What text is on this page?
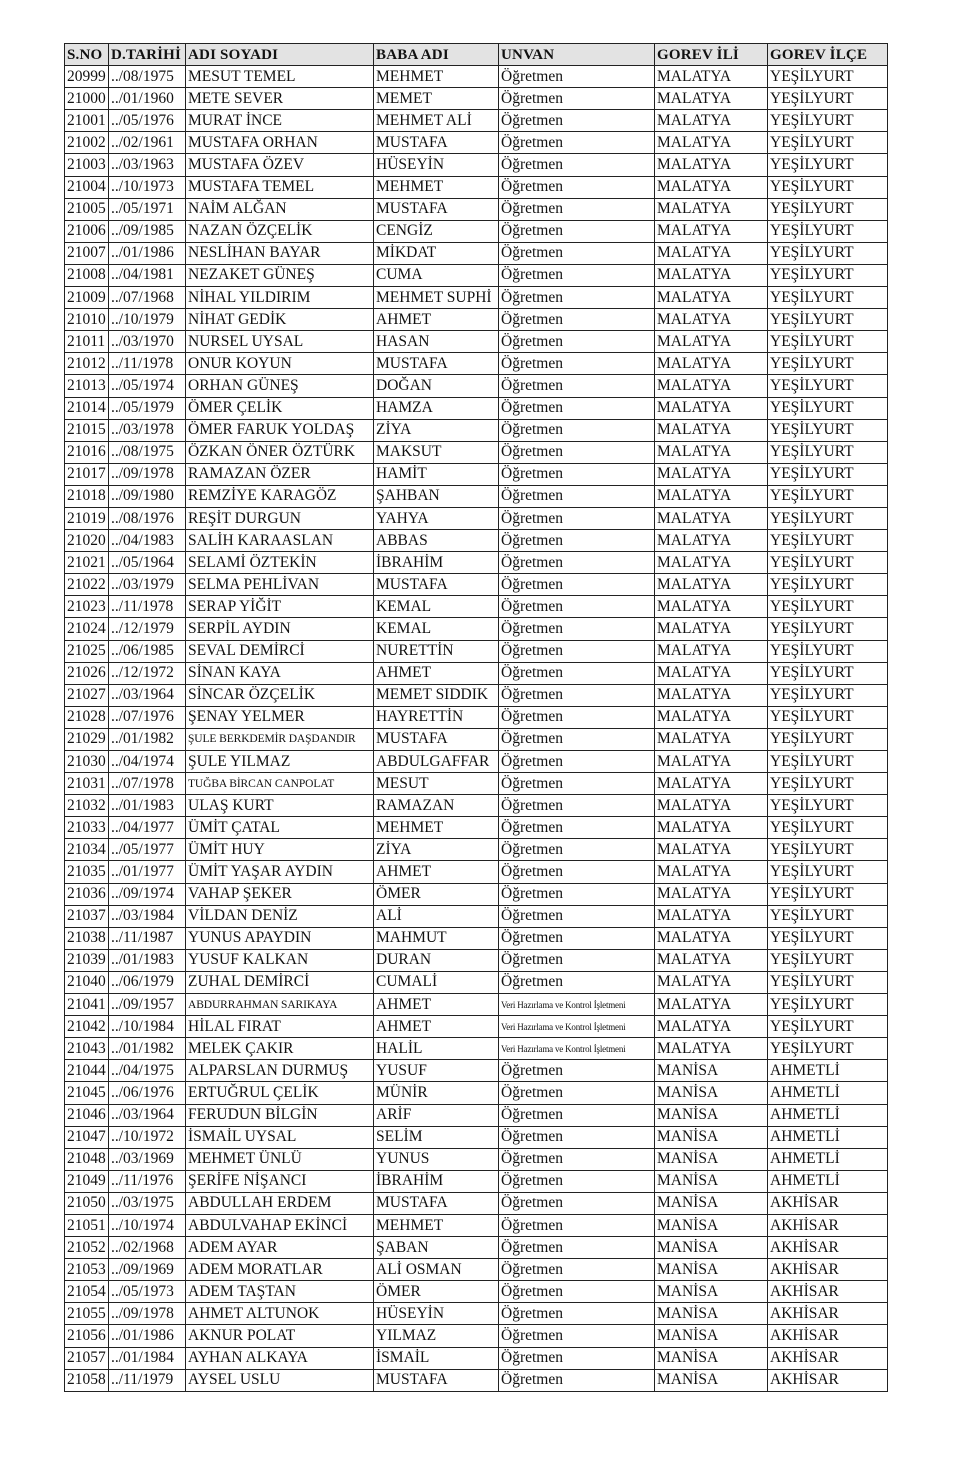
S.NO	D.TARİHİ	ADI SOYADI	BABA ADI	UNVAN	GOREV İLİ	GOREV İLÇE
20999	../08/1975	MESUT TEMEL	MEHMET	Öğretmen	MALATYA	YEŞİLYURT
21000	../01/1960	METE SEVER	MEMET	Öğretmen	MALATYA	YEŞİLYURT
21001	../05/1976	MURAT İNCE	MEHMET ALİ	Öğretmen	MALATYA	YEŞİLYURT
21002	../02/1961	MUSTAFA ORHAN	MUSTAFA	Öğretmen	MALATYA	YEŞİLYURT
21003	../03/1963	MUSTAFA ÖZEV	HÜSEYİN	Öğretmen	MALATYA	YEŞİLYURT
21004	../10/1973	MUSTAFA TEMEL	MEHMET	Öğretmen	MALATYA	YEŞİLYURT
21005	../05/1971	NAİM ALĞAN	MUSTAFA	Öğretmen	MALATYA	YEŞİLYURT
21006	../09/1985	NAZAN ÖZÇELİK	CENGİZ	Öğretmen	MALATYA	YEŞİLYURT
21007	../01/1986	NESLİHAN BAYAR	MİKDAT	Öğretmen	MALATYA	YEŞİLYURT
21008	../04/1981	NEZAKET GÜNEŞ	CUMA	Öğretmen	MALATYA	YEŞİLYURT
21009	../07/1968	NİHAL YILDIRIM	MEHMET SUPHİ	Öğretmen	MALATYA	YEŞİLYURT
21010	../10/1979	NİHAT GEDİK	AHMET	Öğretmen	MALATYA	YEŞİLYURT
21011	../03/1970	NURSEL UYSAL	HASAN	Öğretmen	MALATYA	YEŞİLYURT
21012	../11/1978	ONUR KOYUN	MUSTAFA	Öğretmen	MALATYA	YEŞİLYURT
21013	../05/1974	ORHAN GÜNEŞ	DOĞAN	Öğretmen	MALATYA	YEŞİLYURT
21014	../05/1979	ÖMER ÇELİK	HAMZA	Öğretmen	MALATYA	YEŞİLYURT
21015	../03/1978	ÖMER FARUK YOLDAŞ	ZİYA	Öğretmen	MALATYA	YEŞİLYURT
21016	../08/1975	ÖZKAN ÖNER ÖZTÜRK	MAKSUT	Öğretmen	MALATYA	YEŞİLYURT
21017	../09/1978	RAMAZAN ÖZER	HAMİT	Öğretmen	MALATYA	YEŞİLYURT
21018	../09/1980	REMZİYE KARAGÖZ	ŞAHBAN	Öğretmen	MALATYA	YEŞİLYURT
21019	../08/1976	REŞİT DURGUN	YAHYA	Öğretmen	MALATYA	YEŞİLYURT
21020	../04/1983	SALİH KARAASLAN	ABBAS	Öğretmen	MALATYA	YEŞİLYURT
21021	../05/1964	SELAMİ ÖZTEKİN	İBRAHİM	Öğretmen	MALATYA	YEŞİLYURT
21022	../03/1979	SELMA PEHLİVAN	MUSTAFA	Öğretmen	MALATYA	YEŞİLYURT
21023	../11/1978	SERAP YİĞİT	KEMAL	Öğretmen	MALATYA	YEŞİLYURT
21024	../12/1979	SERPİL AYDIN	KEMAL	Öğretmen	MALATYA	YEŞİLYURT
21025	../06/1985	SEVAL DEMİRCİ	NURETTİN	Öğretmen	MALATYA	YEŞİLYURT
21026	../12/1972	SİNAN KAYA	AHMET	Öğretmen	MALATYA	YEŞİLYURT
21027	../03/1964	SİNCAR ÖZÇELİK	MEMET SIDDIK	Öğretmen	MALATYA	YEŞİLYURT
21028	../07/1976	ŞENAY YELMER	HAYRETTİN	Öğretmen	MALATYA	YEŞİLYURT
21029	../01/1982	ŞULE BERKDEMİR DAŞDANDIR	MUSTAFA	Öğretmen	MALATYA	YEŞİLYURT
21030	../04/1974	ŞULE YILMAZ	ABDULGAFFAR	Öğretmen	MALATYA	YEŞİLYURT
21031	../07/1978	TUĞBA BİRCAN CANPOLAT	MESUT	Öğretmen	MALATYA	YEŞİLYURT
21032	../01/1983	ULAŞ KURT	RAMAZAN	Öğretmen	MALATYA	YEŞİLYURT
21033	../04/1977	ÜMİT ÇATAL	MEHMET	Öğretmen	MALATYA	YEŞİLYURT
21034	../05/1977	ÜMİT HUY	ZİYA	Öğretmen	MALATYA	YEŞİLYURT
21035	../01/1977	ÜMİT YAŞAR AYDIN	AHMET	Öğretmen	MALATYA	YEŞİLYURT
21036	../09/1974	VAHAP ŞEKER	ÖMER	Öğretmen	MALATYA	YEŞİLYURT
21037	../03/1984	VİLDAN DENİZ	ALİ	Öğretmen	MALATYA	YEŞİLYURT
21038	../11/1987	YUNUS APAYDIN	MAHMUT	Öğretmen	MALATYA	YEŞİLYURT
21039	../01/1983	YUSUF KALKAN	DURAN	Öğretmen	MALATYA	YEŞİLYURT
21040	../06/1979	ZUHAL DEMİRCİ	CUMALİ	Öğretmen	MALATYA	YEŞİLYURT
21041	../09/1957	ABDURRAHMAN SARIKAYA	AHMET	Veri Hazırlama ve Kontrol İşletmeni	MALATYA	YEŞİLYURT
21042	../10/1984	HİLAL FIRAT	AHMET	Veri Hazırlama ve Kontrol İşletmeni	MALATYA	YEŞİLYURT
21043	../01/1982	MELEK ÇAKIR	HALİL	Veri Hazırlama ve Kontrol İşletmeni	MALATYA	YEŞİLYURT
21044	../04/1975	ALPARSLAN DURMUŞ	YUSUF	Öğretmen	MANİSA	AHMETLİ
21045	../06/1976	ERTUĞRUL ÇELİK	MÜNİR	Öğretmen	MANİSA	AHMETLİ
21046	../03/1964	FERUDUN BİLGİN	ARİF	Öğretmen	MANİSA	AHMETLİ
21047	../10/1972	İSMAİL UYSAL	SELİM	Öğretmen	MANİSA	AHMETLİ
21048	../03/1969	MEHMET ÜNLÜ	YUNUS	Öğretmen	MANİSA	AHMETLİ
21049	../11/1976	ŞERİFE NİŞANCI	İBRAHİM	Öğretmen	MANİSA	AHMETLİ
21050	../03/1975	ABDULLAH ERDEM	MUSTAFA	Öğretmen	MANİSA	AKHİSAR
21051	../10/1974	ABDULVAHAP EKİNCİ	MEHMET	Öğretmen	MANİSA	AKHİSAR
21052	../02/1968	ADEM AYAR	ŞABAN	Öğretmen	MANİSA	AKHİSAR
21053	../09/1969	ADEM MORATLAR	ALİ OSMAN	Öğretmen	MANİSA	AKHİSAR
21054	../05/1973	ADEM TAŞTAN	ÖMER	Öğretmen	MANİSA	AKHİSAR
21055	../09/1978	AHMET ALTUNOK	HÜSEYİN	Öğretmen	MANİSA	AKHİSAR
21056	../01/1986	AKNUR POLAT	YILMAZ	Öğretmen	MANİSA	AKHİSAR
21057	../01/1984	AYHAN ALKAYA	İSMAİL	Öğretmen	MANİSA	AKHİSAR
21058	../11/1979	AYSEL USLU	MUSTAFA	Öğretmen	MANİSA	AKHİSAR
